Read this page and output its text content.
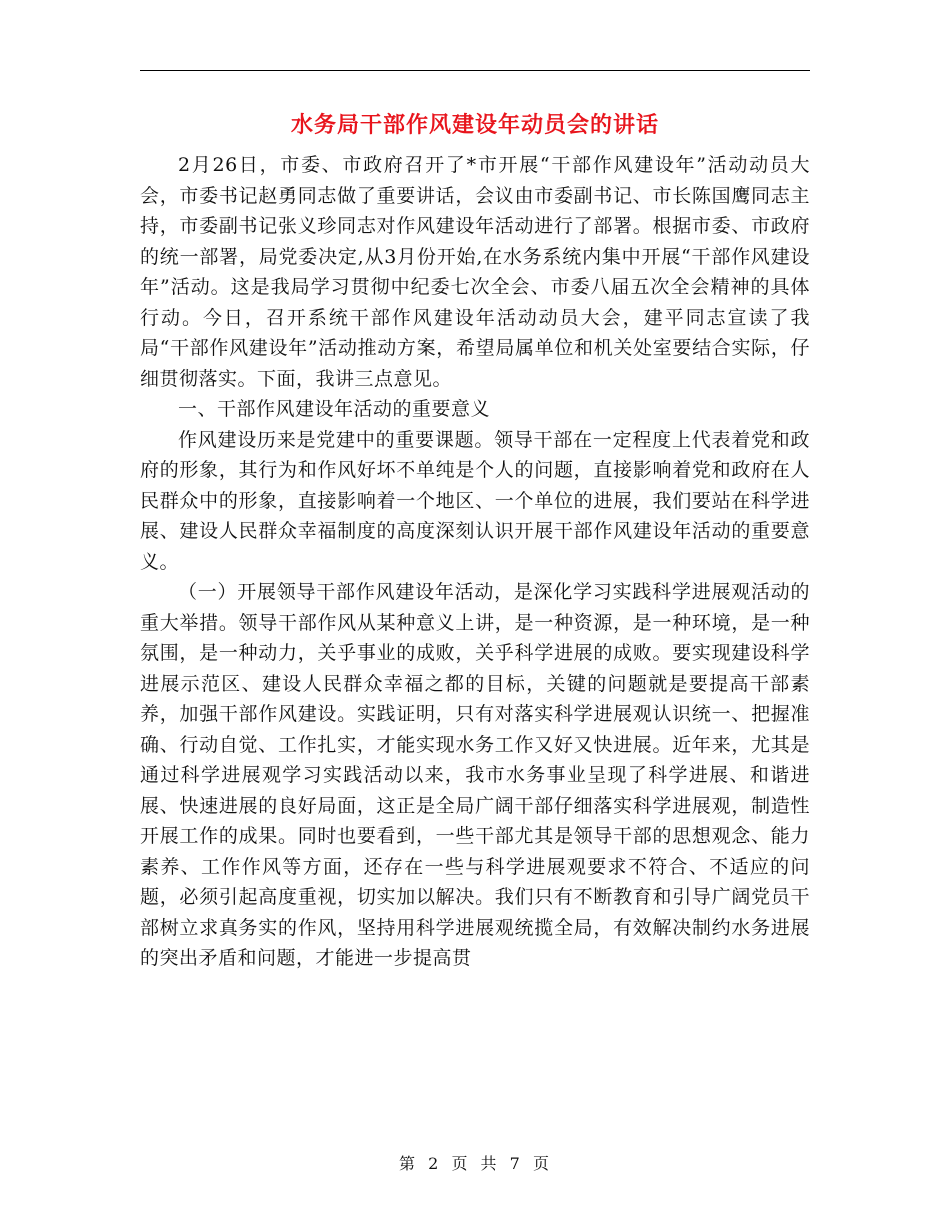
水务局干部作风建设年动员会的讲话

2月26日，市委、市政府召开了*市开展“干部作风建设年”活动动员大会，市委书记赵勇同志做了重要讲话，会议由市委副书记、市长陈国鹰同志主持，市委副书记张义珍同志对作风建设年活动进行了部署。根据市委、市政府的统一部署，局党委决定,从3月份开始,在水务系统内集中开展“干部作风建设年”活动。这是我局学习贯彻中纪委七次全会、市委八届五次全会精神的具体行动。今日，召开系统干部作风建设年活动动员大会，建平同志宣读了我局“干部作风建设年”活动推动方案，希望局属单位和机关处室要结合实际，仔细贯彻落实。下面，我讲三点意见。

一、干部作风建设年活动的重要意义

作风建设历来是党建中的重要课题。领导干部在一定程度上代表着党和政府的形象，其行为和作风好坏不单纯是个人的问题，直接影响着党和政府在人民群众中的形象，直接影响着一个地区、一个单位的进展，我们要站在科学进展、建设人民群众幸福制度的高度深刻认识开展干部作风建设年活动的重要意义。

（一）开展领导干部作风建设年活动，是深化学习实践科学进展观活动的重大举措。领导干部作风从某种意义上讲，是一种资源，是一种环境，是一种氛围，是一种动力，关乎事业的成败，关乎科学进展的成败。要实现建设科学进展示范区、建设人民群众幸福之都的目标，关键的问题就是要提高干部素养，加强干部作风建设。实践证明，只有对落实科学进展观认识统一、把握准确、行动自觉、工作扎实，才能实现水务工作又好又快进展。近年来，尤其是通过科学进展观学习实践活动以来，我市水务事业呈现了科学进展、和谐进展、快速进展的良好局面，这正是全局广阔干部仔细落实科学进展观，制造性开展工作的成果。同时也要看到，一些干部尤其是领导干部的思想观念、能力素养、工作作风等方面，还存在一些与科学进展观要求不符合、不适应的问题，必须引起高度重视，切实加以解决。我们只有不断教育和引导广阔党员干部树立求真务实的作风，坚持用科学进展观统揽全局，有效解决制约水务进展的突出矛盾和问题，才能进一步提高贯

第 2 页 共 7 页
